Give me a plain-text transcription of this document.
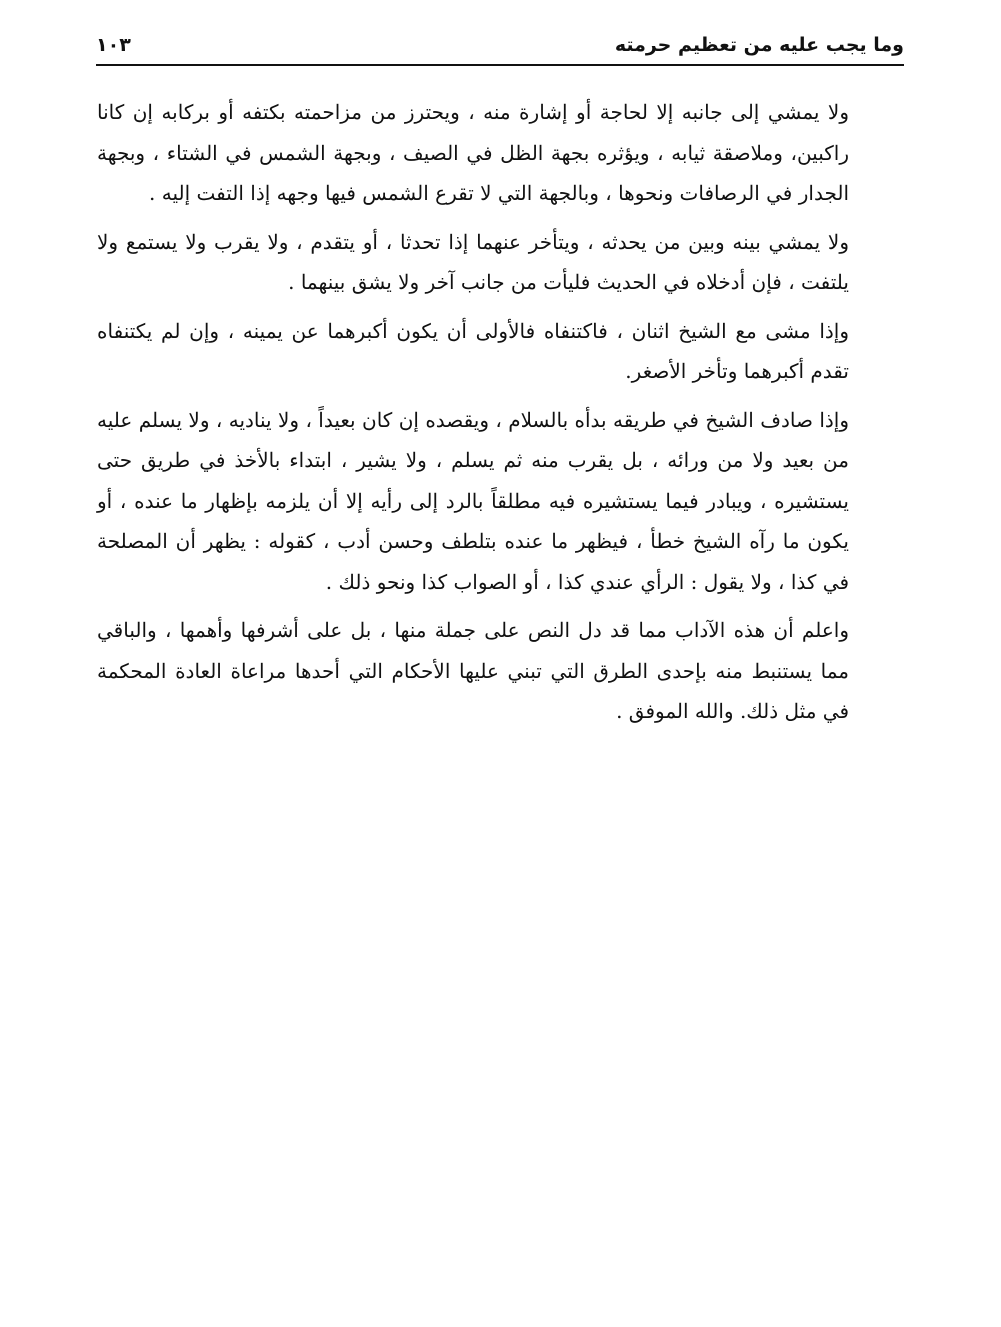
وما يجب عليه من تعظيم حرمته
١٠٣

ولا يمشي إلى جانبه إلا لحاجة أو إشارة منه ، ويحترز من مزاحمته بكتفه أو بركابه إن كانا راكبين، وملاصقة ثيابه ، ويؤثره بجهة الظل في الصيف ، وبجهة الشمس في الشتاء ، وبجهة الجدار في الرصافات ونحوها ، وبالجهة التي لا تقرع الشمس فيها وجهه إذا التفت إليه .

ولا يمشي بينه وبين من يحدثه ، ويتأخر عنهما إذا تحدثا ، أو يتقدم ، ولا يقرب ولا يستمع ولا يلتفت ، فإن أدخلاه في الحديث فليأت من جانب آخر ولا يشق بينهما .

وإذا مشى مع الشيخ اثنان ، فاكتنفاه فالأولى أن يكون أكبرهما عن يمينه ، وإن لم يكتنفاه تقدم أكبرهما وتأخر الأصغر.

وإذا صادف الشيخ في طريقه بدأه بالسلام ، ويقصده إن كان بعيداً ، ولا يناديه ، ولا يسلم عليه من بعيد ولا من ورائه ، بل يقرب منه ثم يسلم ، ولا يشير ، ابتداء بالأخذ في طريق حتى يستشيره ، ويبادر فيما يستشيره فيه مطلقاً بالرد إلى رأيه إلا أن يلزمه بإظهار ما عنده ، أو يكون ما رآه الشيخ خطأ ، فيظهر ما عنده بتلطف وحسن أدب ، كقوله : يظهر أن المصلحة في كذا ، ولا يقول : الرأي عندي كذا ، أو الصواب كذا ونحو ذلك .

واعلم أن هذه الآداب مما قد دل النص على جملة منها ، بل على أشرفها وأهمها ، والباقي مما يستنبط منه بإحدى الطرق التي تبني عليها الأحكام التي أحدها مراعاة العادة المحكمة في مثل ذلك. والله الموفق .
